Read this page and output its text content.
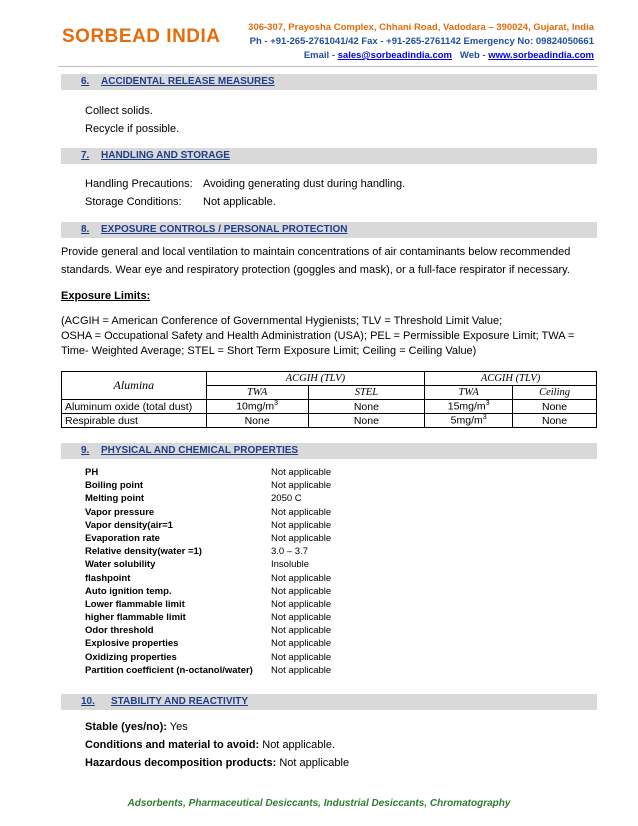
SORBEAD INDIA	306-307, Prayosha Complex, Chhani Road, Vadodara – 390024, Gujarat, India
Ph - +91-265-2761041/42 Fax - +91-265-2761142 Emergency No: 09824050661
Email - sales@sorbeadindia.com Web - www.sorbeadindia.com
6. ACCIDENTAL RELEASE MEASURES
Collect solids.
Recycle if possible.
7. HANDLING AND STORAGE
Handling Precautions: Avoiding generating dust during handling.
Storage Conditions: Not applicable.
8. EXPOSURE CONTROLS / PERSONAL PROTECTION
Provide general and local ventilation to maintain concentrations of air contaminants below recommended
standards. Wear eye and respiratory protection (goggles and mask), or a full-face respirator if necessary.
Exposure Limits:
(ACGIH = American Conference of Governmental Hygienists; TLV = Threshold Limit Value;
OSHA = Occupational Safety and Health Administration (USA); PEL = Permissible Exposure Limit; TWA =
Time- Weighted Average; STEL = Short Term Exposure Limit; Ceiling = Ceiling Value)
Alumina	ACGIH (TLV)		ACGIH (TLV)	
	TWA	STEL	TWA	Ceiling
Aluminum oxide (total dust)	$10mg/m^3$	None	$15mg/m^3$	None
Respirable dust	None	None	$5mg/m^3$	None
9. PHYSICAL AND CHEMICAL PROPERTIES
PH	Not applicable
Boiling point	Not applicable
Melting point	2050 C
Vapor pressure	Not applicable
Vapor density(air=1	Not applicable
Evaporation rate	Not applicable
Relative density(water =1)	3.0 – 3.7
Water solubility	Insoluble
flashpoint	Not applicable
Auto ignition temp.	Not applicable
Lower flammable limit	Not applicable
higher flammable limit	Not applicable
Odor threshold	Not applicable
Explosive properties	Not applicable
Oxidizing properties	Not applicable
Partition coefficient (n-octanol/water) Not applicable
10. STABILITY AND REACTIVITY
Stable (yes/no): Yes
Conditions and material to avoid: Not applicable.
Hazardous decomposition products: Not applicable
Adsorbents, Pharmaceutical Desiccants, Industrial Desiccants, Chromatography
